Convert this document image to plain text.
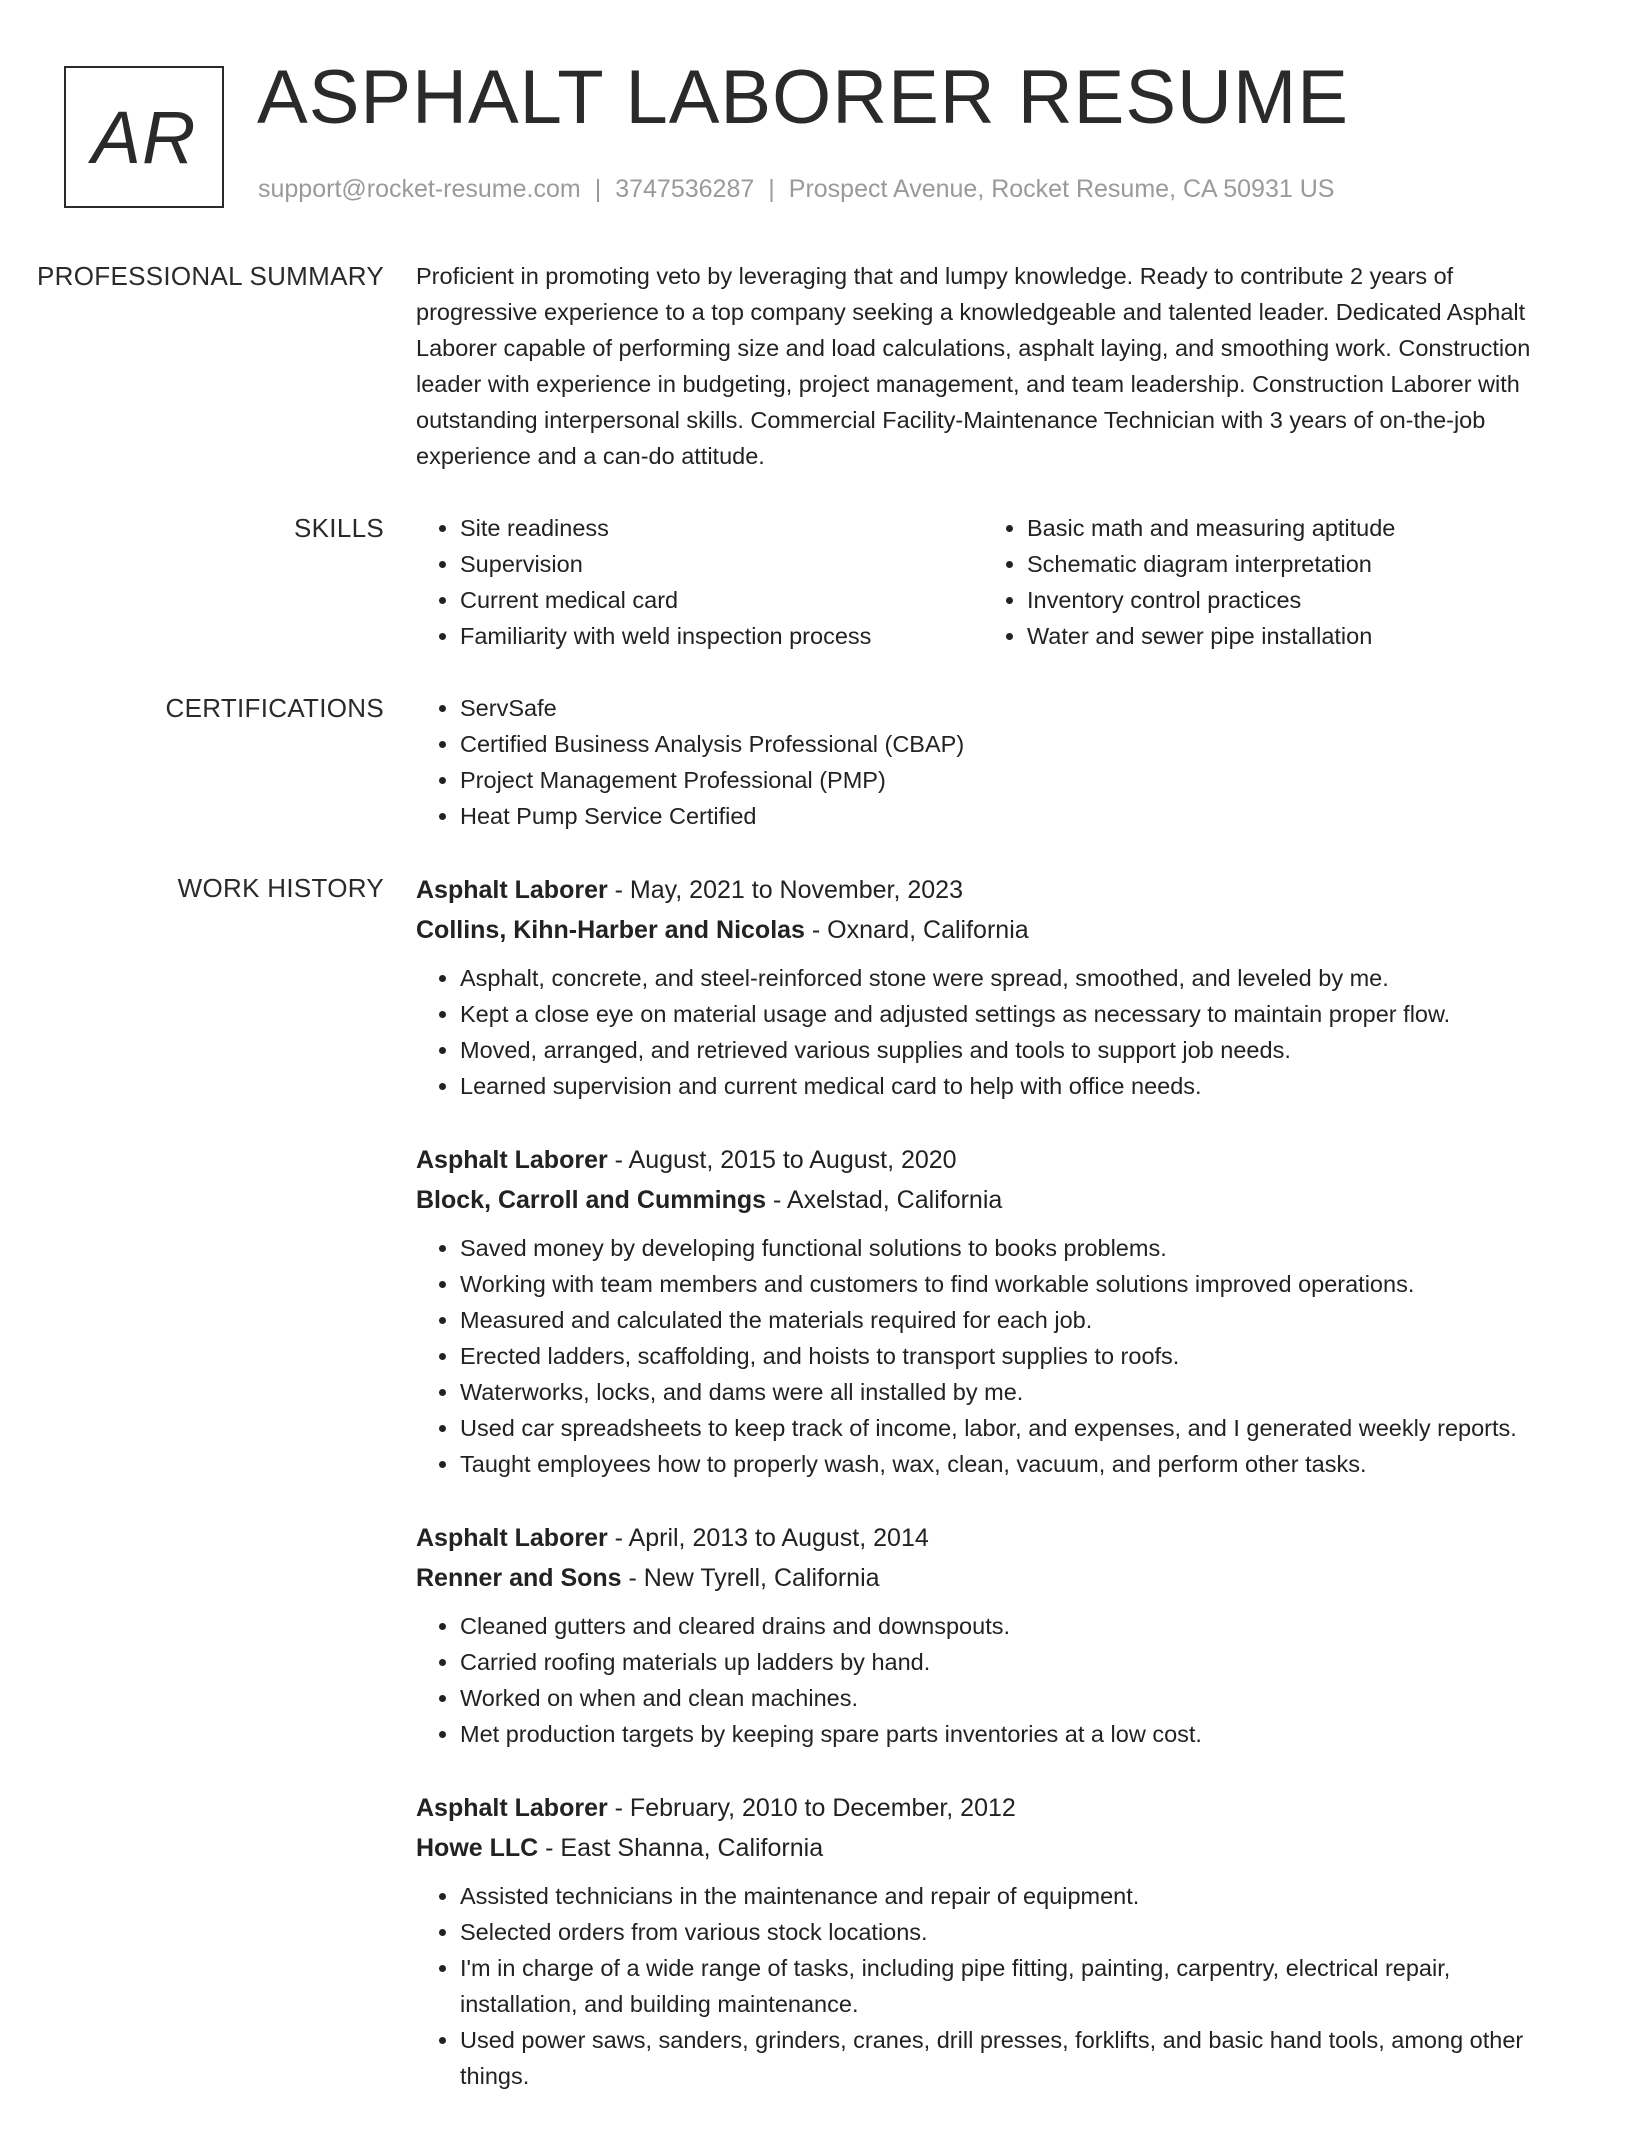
AR ASPHALT LABORER RESUME
support@rocket-resume.com | 3747536287 | Prospect Avenue, Rocket Resume, CA 50931 US
PROFESSIONAL SUMMARY	Proficient in promoting veto by leveraging that and lumpy knowledge. Ready to contribute 2 years of progressive experience to a top company seeking a knowledgeable and talented leader. Dedicated Asphalt Laborer capable of performing size and load calculations, asphalt laying, and smoothing work. Construction leader with experience in budgeting, project management, and team leadership. Construction Laborer with outstanding interpersonal skills. Commercial Facility-Maintenance Technician with 3 years of on-the-job experience and a can-do attitude.

SKILLS	• Site readiness
• Supervision
• Current medical card
• Familiarity with weld inspection process
• Basic math and measuring aptitude
• Schematic diagram interpretation
• Inventory control practices
• Water and sewer pipe installation
CERTIFICATIONS	• ServSafe
• Certified Business Analysis Professional (CBAP)
• Project Management Professional (PMP)
• Heat Pump Service Certified
WORK HISTORY	Asphalt Laborer - May, 2021 to November, 2023
Collins, Kihn-Harber and Nicolas - Oxnard, California
• Asphalt, concrete, and steel-reinforced stone were spread, smoothed, and leveled by me.
• Kept a close eye on material usage and adjusted settings as necessary to maintain proper flow.
• Moved, arranged, and retrieved various supplies and tools to support job needs.
• Learned supervision and current medical card to help with office needs.
Asphalt Laborer - August, 2015 to August, 2020
Block, Carroll and Cummings - Axelstad, California
• Saved money by developing functional solutions to books problems.
• Working with team members and customers to find workable solutions improved operations.
• Measured and calculated the materials required for each job.
• Erected ladders, scaffolding, and hoists to transport supplies to roofs.
• Waterworks, locks, and dams were all installed by me.
• Used car spreadsheets to keep track of income, labor, and expenses, and I generated weekly reports.
• Taught employees how to properly wash, wax, clean, vacuum, and perform other tasks.
Asphalt Laborer - April, 2013 to August, 2014
Renner and Sons - New Tyrell, California
• Cleaned gutters and cleared drains and downspouts.
• Carried roofing materials up ladders by hand.
• Worked on when and clean machines.
• Met production targets by keeping spare parts inventories at a low cost.
Asphalt Laborer - February, 2010 to December, 2012
Howe LLC - East Shanna, California
• Assisted technicians in the maintenance and repair of equipment.
• Selected orders from various stock locations.
• I'm in charge of a wide range of tasks, including pipe fitting, painting, carpentry, electrical repair, installation, and building maintenance.
• Used power saws, sanders, grinders, cranes, drill presses, forklifts, and basic hand tools, among other things.
